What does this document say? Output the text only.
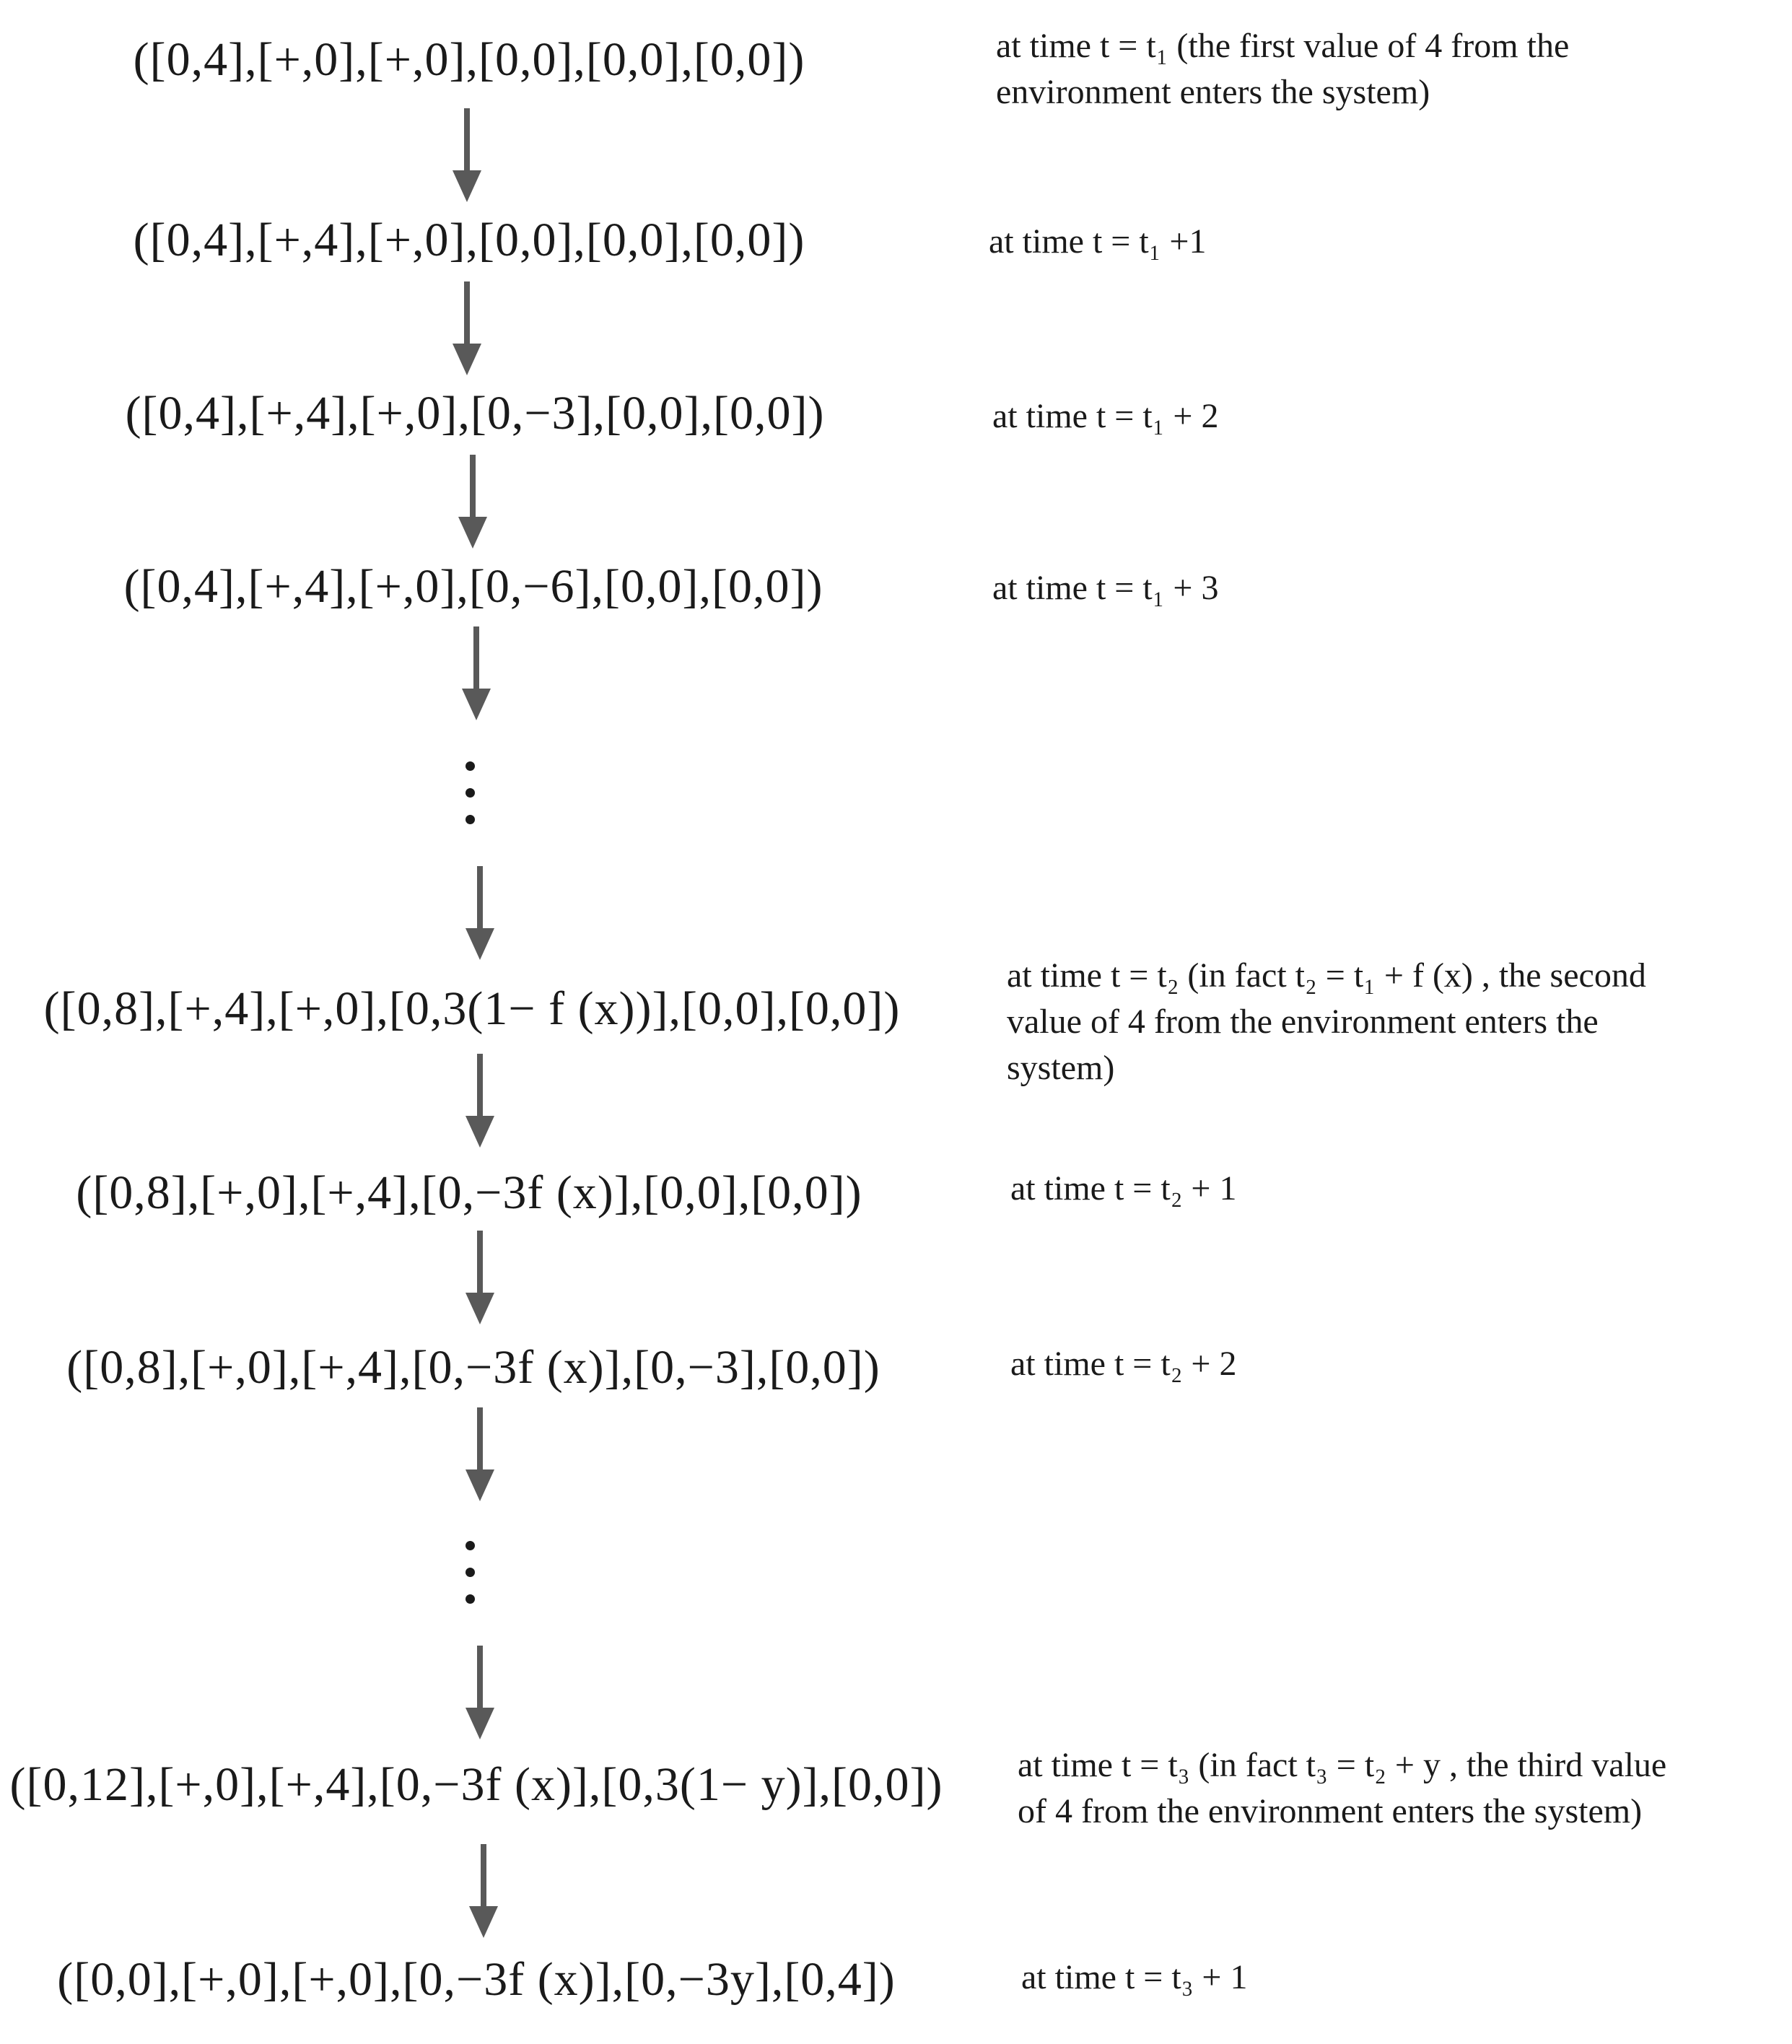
([0,4],[+,0],[+,0],[0,0],[0,0],[0,0])
([0,4],[+,4],[+,0],[0,0],[0,0],[0,0])
([0,4],[+,4],[+,0],[0,−3],[0,0],[0,0])
([0,4],[+,4],[+,0],[0,−6],[0,0],[0,0])
([0,8],[+,4],[+,0],[0,3(1− f (x))],[0,0],[0,0])
([0,8],[+,0],[+,4],[0,−3f (x)],[0,0],[0,0])
([0,8],[+,0],[+,4],[0,−3f (x)],[0,−3],[0,0])
([0,12],[+,0],[+,4],[0,−3f (x)],[0,3(1− y)],[0,0])
([0,0],[+,0],[+,0],[0,−3f (x)],[0,−3y],[0,4])
at time t = t₁ (the first value of 4 from the
environment enters the system)
at time t = t₁ +1
at time t = t₁ + 2
at time t = t₁ + 3
at time t = t₂ (in fact t₂ = t₁ + f (x) , the second
value of 4 from the environment enters the
system)
at time t = t₂ + 1
at time t = t₂ + 2
at time t = t₃ (in fact t₃ = t₂ + y , the third value
of 4 from the environment enters the system)
at time t = t₃ + 1
